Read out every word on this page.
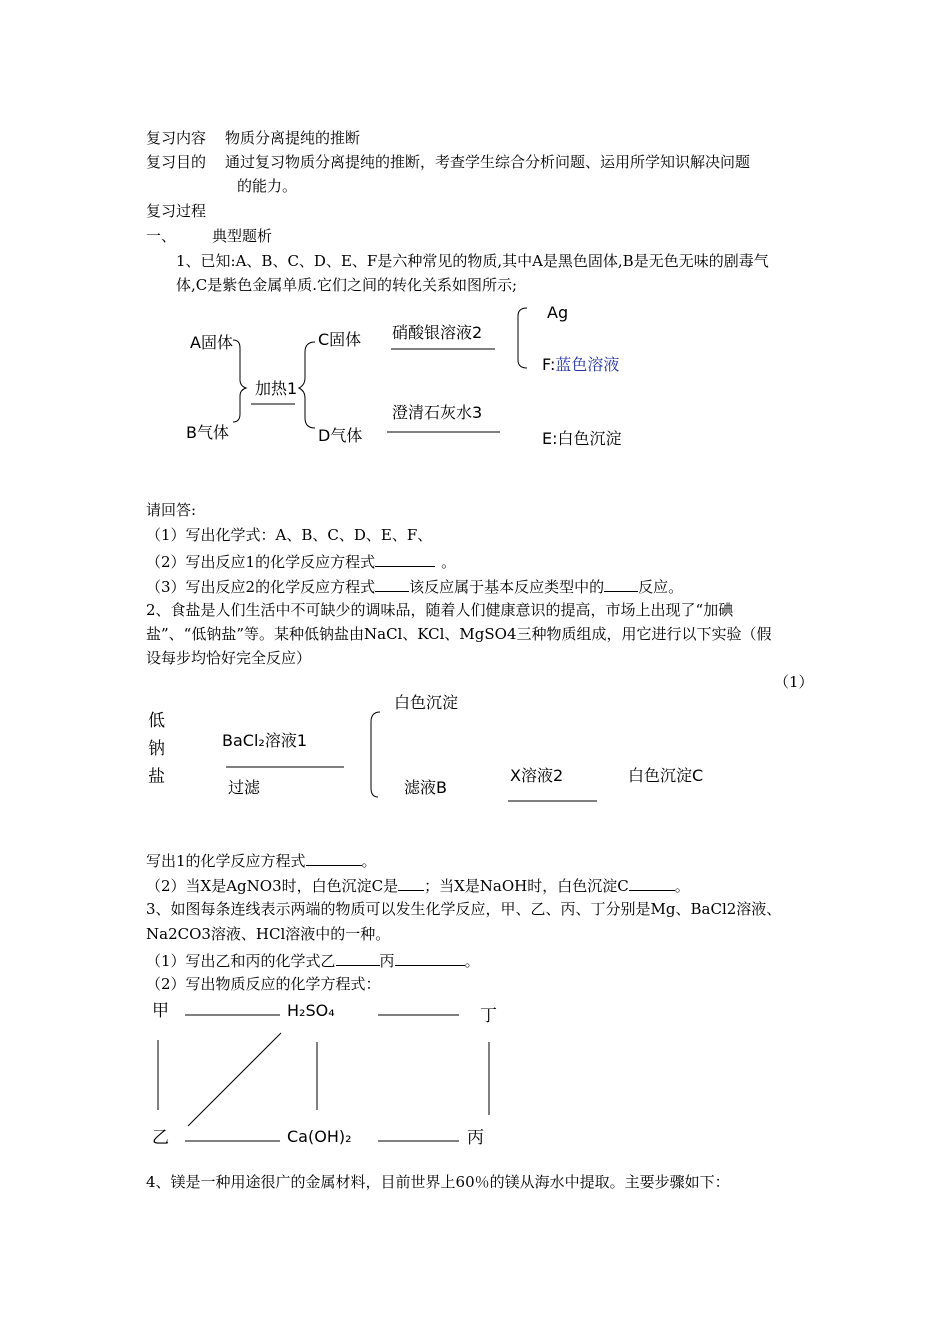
复习内容 物质分离提纯的推断
复习目的 通过复习物质分离提纯的推断，考查学生综合分析问题、运用所学知识解决问题
的能力。
复习过程
一、 典型题析
1、已知:A、B、C、D、E、F是六种常见的物质,其中A是黑色固体,B是无色无味的剧毒气
体,C是紫色金属单质.它们之间的转化关系如图所示;
A固体
B气体
加热1
C固体
D气体
硝酸银溶液2
澄清石灰水3
Ag
F:蓝色溶液
E:白色沉淀
请回答:
（1）写出化学式：A、B、C、D、E、F、
（2）写出反应1的化学反应方程式	。
（3）写出反应2的化学反应方程式 该反应属于基本反应类型中的 反应。
2、食盐是人们生活中不可缺少的调味品，随着人们健康意识的提高，市场上出现了“加碘
盐”、“低钠盐”等。某种低钠盐由NaCl、KCl、MgSO4三种物质组成，用它进行以下实验（假
设每步均恰好完全反应）
（1）
低
钠
盐
BaCl₂溶液1
过滤
白色沉淀
滤液B
X溶液2	白色沉淀C
写出1的化学反应方程式	。
（2）当X是AgNO3时，白色沉淀C是 ；当X是NaOH时，白色沉淀C	。
3、如图每条连线表示两端的物质可以发生化学反应，甲、乙、丙、丁分别是Mg、BaCl2溶液、
Na2CO3溶液、HCl溶液中的一种。
（1）写出乙和丙的化学式乙	丙	。
（2）写出物质反应的化学方程式：
甲	H₂SO₄	丁
乙	Ca(OH)₂	丙
4、镁是一种用途很广的金属材料，目前世界上60％的镁从海水中提取。主要步骤如下：
